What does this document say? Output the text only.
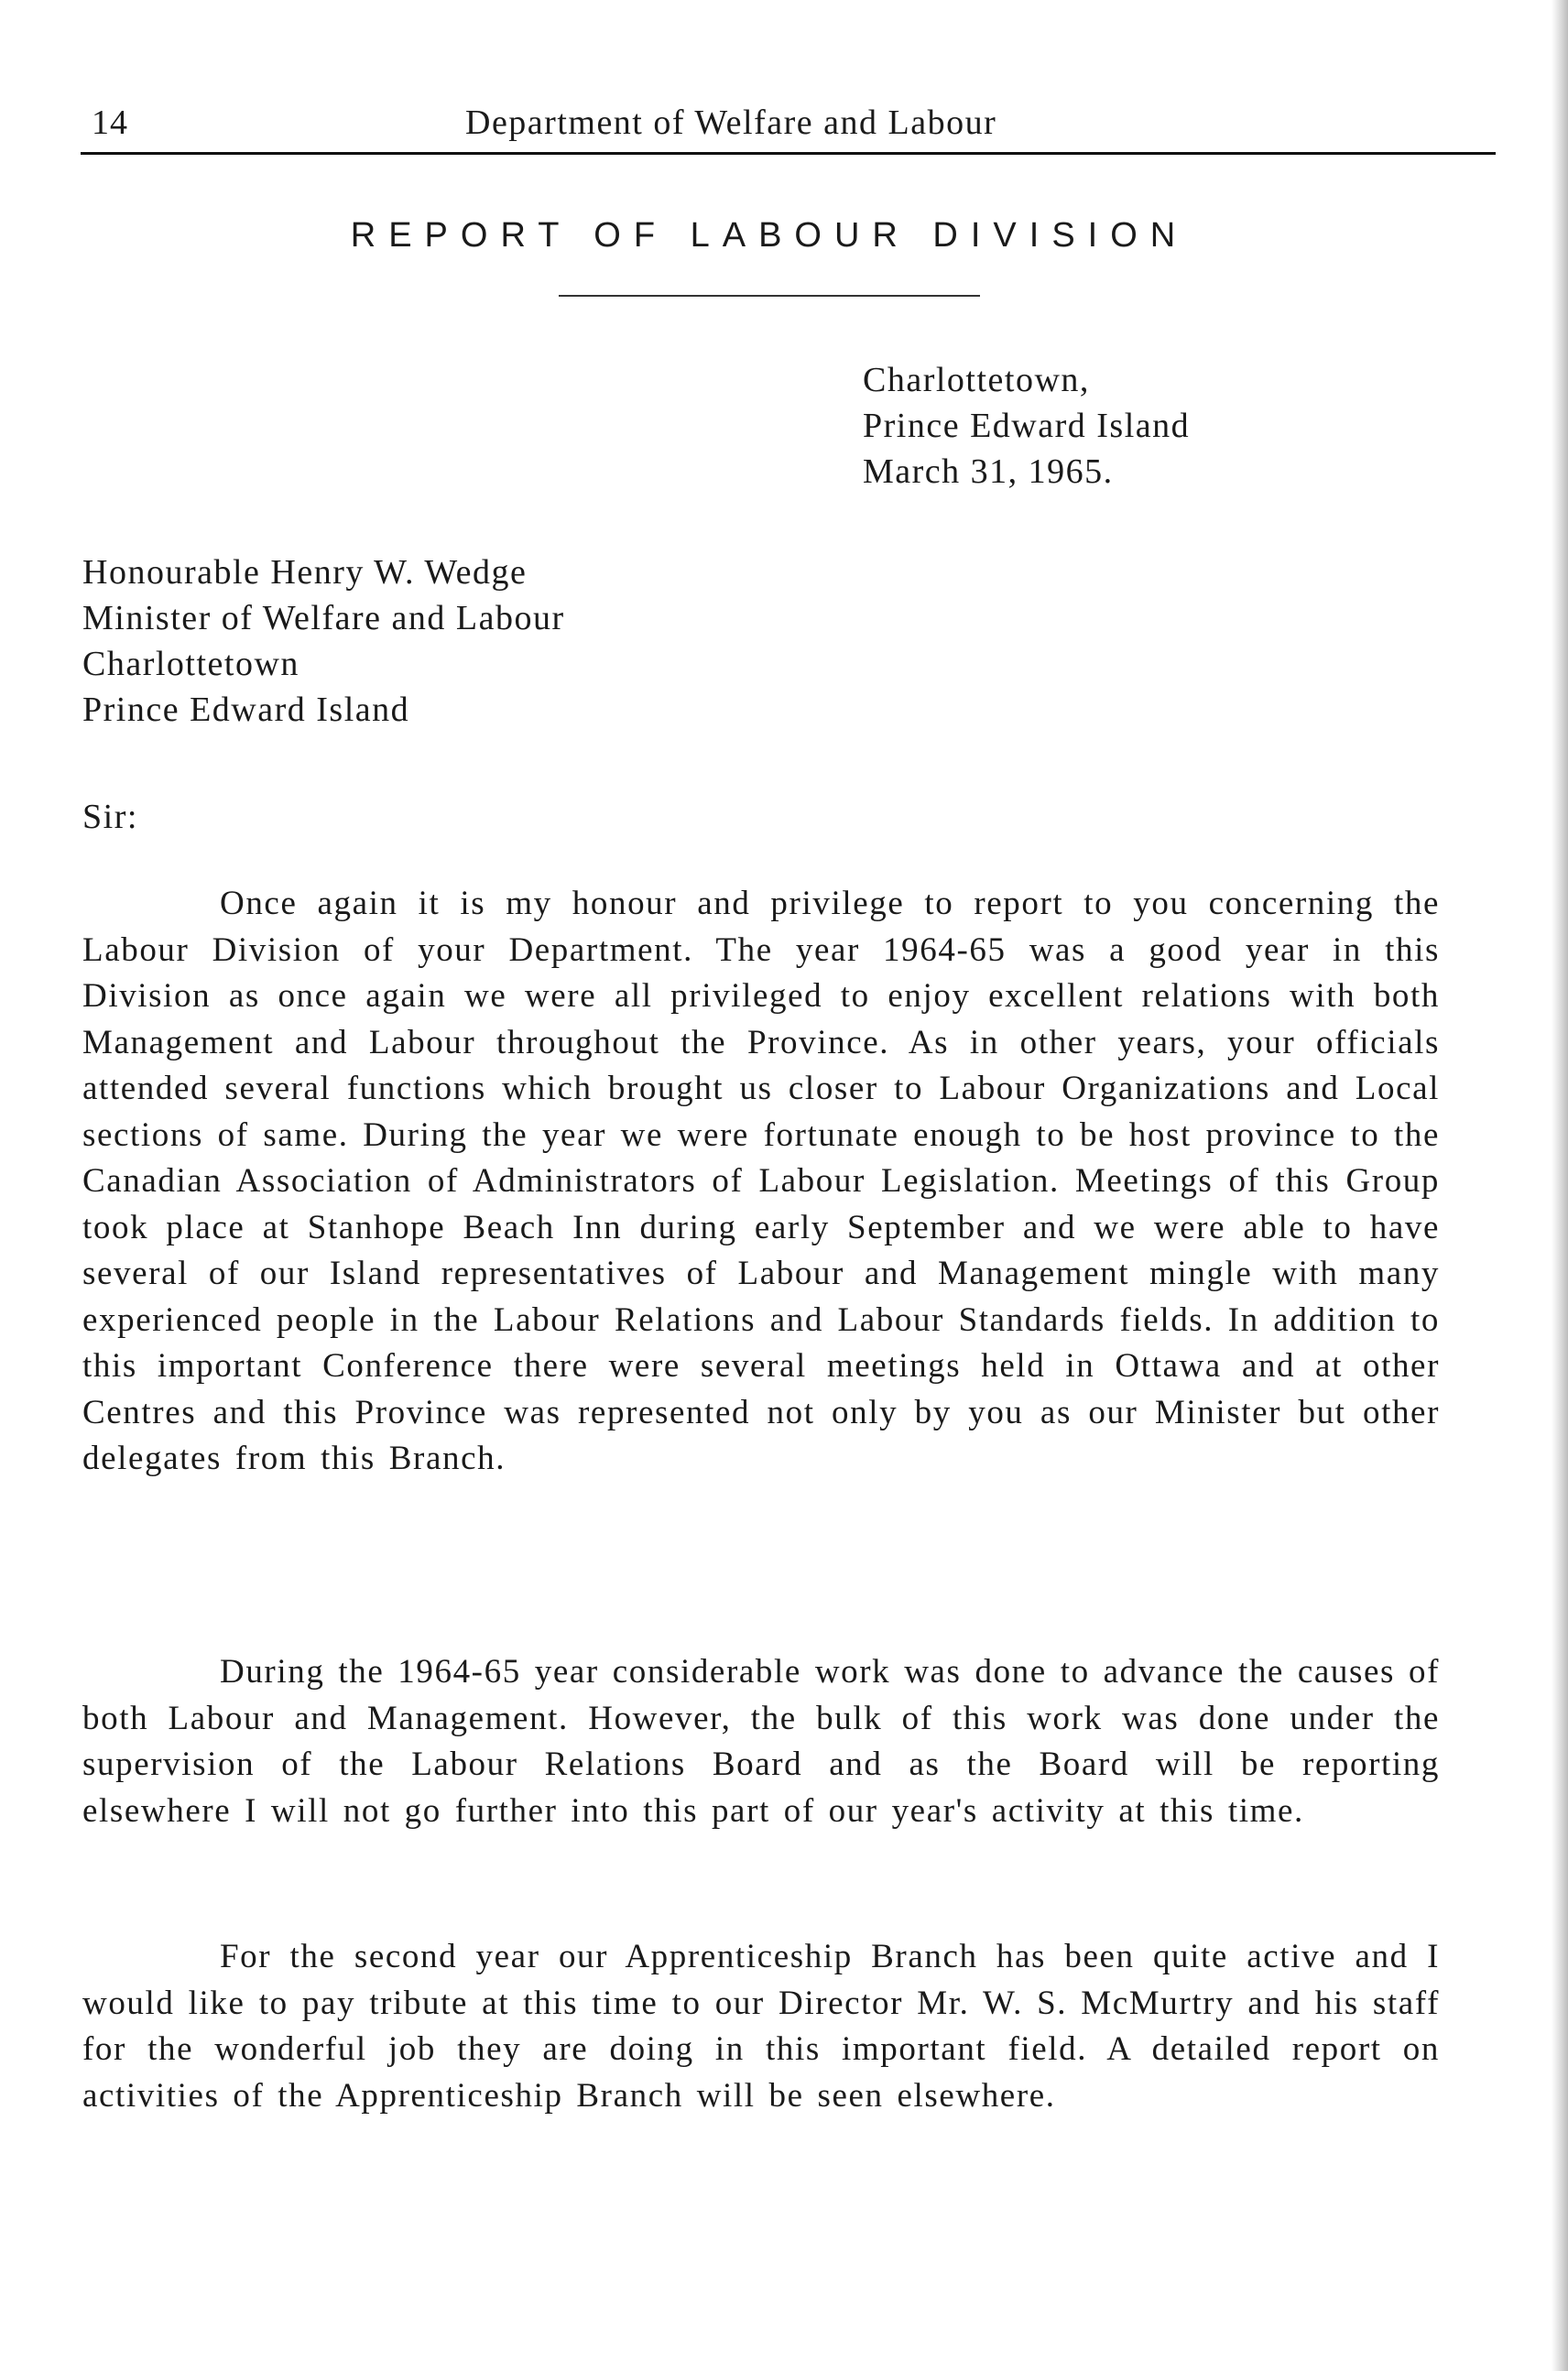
14	Department of Welfare and Labour
REPORT OF LABOUR DIVISION
Charlottetown,
Prince Edward Island
March 31, 1965.
Honourable Henry W. Wedge
Minister of Welfare and Labour
Charlottetown
Prince Edward Island
Sir:

Once again it is my honour and privilege to report to you concerning the Labour Division of your Department. The year 1964-65 was a good year in this Division as once again we were all privileged to enjoy excellent relations with both Management and Labour throughout the Province. As in other years, your officials attended several functions which brought us closer to Labour Organizations and Local sections of same. During the year we were fortunate enough to be host province to the Canadian Association of Administrators of Labour Legislation. Meetings of this Group took place at Stanhope Beach Inn during early September and we were able to have several of our Island representatives of Labour and Management mingle with many experienced people in the Labour Relations and Labour Standards fields. In addition to this important Conference there were several meetings held in Ottawa and at other Centres and this Province was represented not only by you as our Minister but other delegates from this Branch.

During the 1964-65 year considerable work was done to advance the causes of both Labour and Management. However, the bulk of this work was done under the supervision of the Labour Relations Board and as the Board will be reporting elsewhere I will not go further into this part of our year's activity at this time.

For the second year our Apprenticeship Branch has been quite active and I would like to pay tribute at this time to our Director Mr. W. S. McMurtry and his staff for the wonderful job they are doing in this important field. A detailed report on activities of the Apprenticeship Branch will be seen elsewhere.
